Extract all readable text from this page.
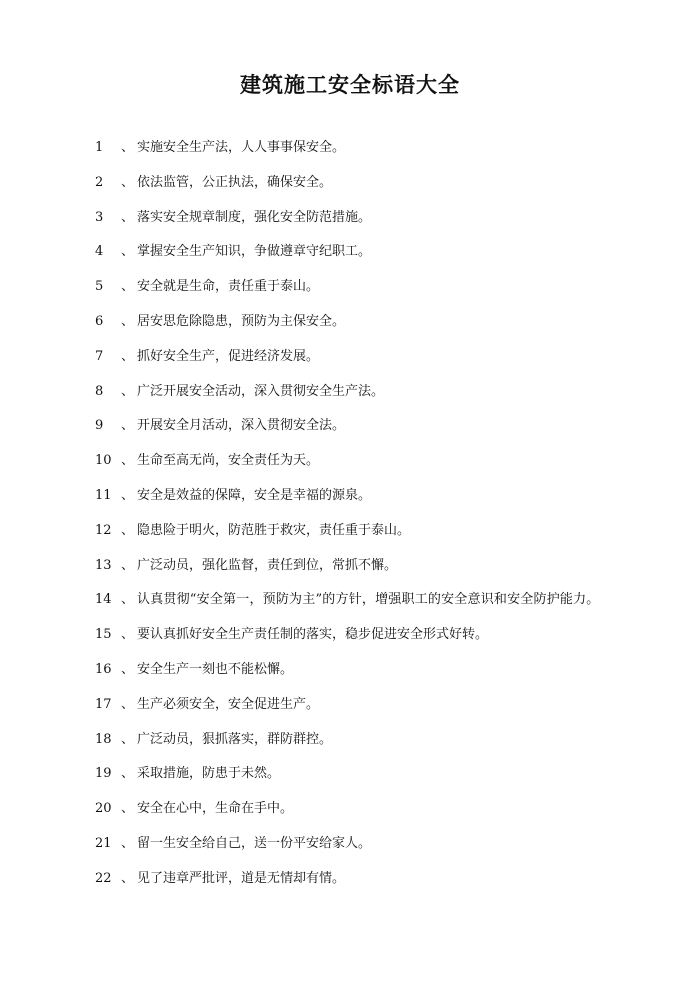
建筑施工安全标语大全
1	、 实施安全生产法，人人事事保安全。
2	、 依法监管，公正执法，确保安全。
3	、 落实安全规章制度，强化安全防范措施。
4	、 掌握安全生产知识，争做遵章守纪职工。
5	、 安全就是生命，责任重于泰山。
6	、 居安思危除隐患，预防为主保安全。
7	、 抓好安全生产，促进经济发展。
8	、 广泛开展安全活动，深入贯彻安全生产法。
9	、 开展安全月活动，深入贯彻安全法。
10 、 生命至高无尚，安全责任为天。
11 、 安全是效益的保障，安全是幸福的源泉。
12 、 隐患险于明火，防范胜于救灾，责任重于泰山。
13 、 广泛动员，强化监督，责任到位，常抓不懈。
14 、 认真贯彻“安全第一，预防为主”的方针，增强职工的安全意识和安全防护能力。
15 、 要认真抓好安全生产责任制的落实，稳步促进安全形式好转。
16 、 安全生产一刻也不能松懈。
17 、 生产必须安全，安全促进生产。
18 、 广泛动员，狠抓落实，群防群控。
19 、 采取措施，防患于未然。
20 、 安全在心中，生命在手中。
21 、 留一生安全给自己，送一份平安给家人。
22 、 见了违章严批评，道是无情却有情。
